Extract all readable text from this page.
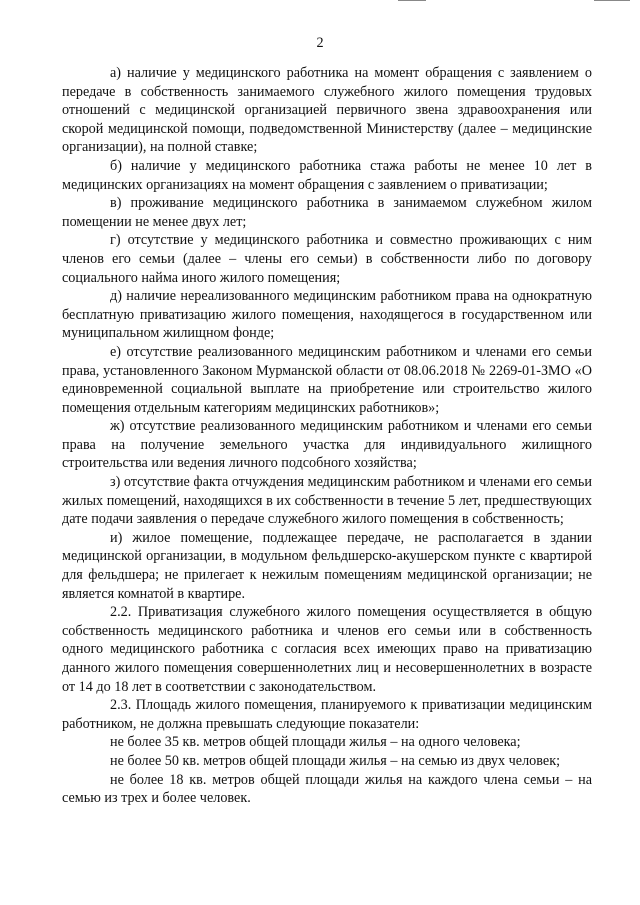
2

а) наличие у медицинского работника на момент обращения с заявлением о передаче в собственность занимаемого служебного жилого помещения трудовых отношений с медицинской организацией первичного звена здравоохранения или скорой медицинской помощи, подведомственной Министерству (далее – медицинские организации), на полной ставке;

б) наличие у медицинского работника стажа работы не менее 10 лет в медицинских организациях на момент обращения с заявлением о приватизации;

в) проживание медицинского работника в занимаемом служебном жилом помещении не менее двух лет;

г) отсутствие у медицинского работника и совместно проживающих с ним членов его семьи (далее – члены его семьи) в собственности либо по договору социального найма иного жилого помещения;

д) наличие нереализованного медицинским работником права на однократную бесплатную приватизацию жилого помещения, находящегося в государственном или муниципальном жилищном фонде;

е) отсутствие реализованного медицинским работником и членами его семьи права, установленного Законом Мурманской области от 08.06.2018 № 2269-01-ЗМО «О единовременной социальной выплате на приобретение или строительство жилого помещения отдельным категориям медицинских работников»;

ж) отсутствие реализованного медицинским работником и членами его семьи права на получение земельного участка для индивидуального жилищного строительства или ведения личного подсобного хозяйства;

з) отсутствие факта отчуждения медицинским работником и членами его семьи жилых помещений, находящихся в их собственности в течение 5 лет, предшествующих дате подачи заявления о передаче служебного жилого помещения в собственность;

и) жилое помещение, подлежащее передаче, не располагается в здании медицинской организации, в модульном фельдшерско-акушерском пункте с квартирой для фельдшера; не прилегает к нежилым помещениям медицинской организации; не является комнатой в квартире.

2.2. Приватизация служебного жилого помещения осуществляется в общую собственность медицинского работника и членов его семьи или в собственность одного медицинского работника с согласия всех имеющих право на приватизацию данного жилого помещения совершеннолетних лиц и несовершеннолетних в возрасте от 14 до 18 лет в соответствии с законодательством.

2.3. Площадь жилого помещения, планируемого к приватизации медицинским работником, не должна превышать следующие показатели:

не более 35 кв. метров общей площади жилья – на одного человека;

не более 50 кв. метров общей площади жилья – на семью из двух человек;

не более 18 кв. метров общей площади жилья на каждого члена семьи – на семью из трех и более человек.
